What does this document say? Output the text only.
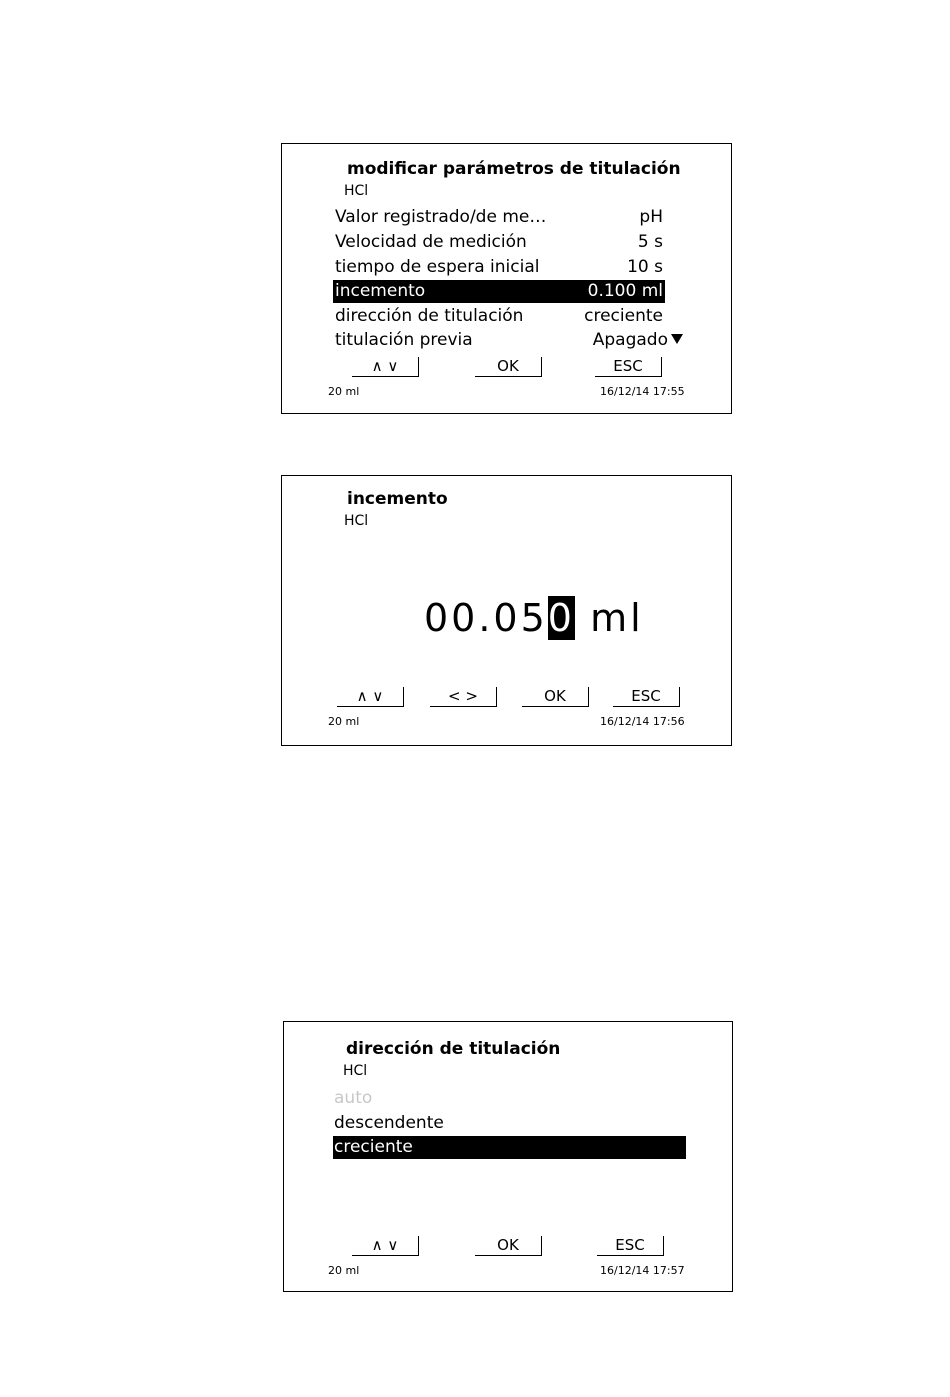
modificar parámetros de titulación
HCl
Valor registrado/de me…	pH
Velocidad de medición	5 s
tiempo de espera inicial	10 s
incemento	0.100 ml
dirección de titulación	creciente
titulación previa	Apagado
∧ ∨	OK	ESC
20 ml	16/12/14 17:55
incemento
HCl
00.050 ml
∧ ∨	< >	OK	ESC
20 ml	16/12/14 17:56
dirección de titulación
HCl
auto
descendente
creciente
∧ ∨	OK	ESC
20 ml	16/12/14 17:57
